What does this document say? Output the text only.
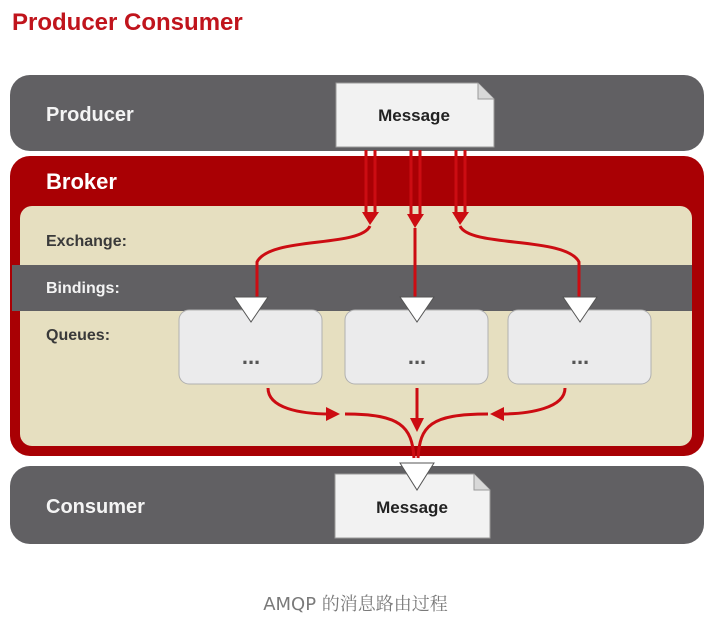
Producer Consumer
Producer
Broker
Exchange:
Bindings:
Queues:
...	...	...
Consumer
Message
Message
AMQP 的消息路由过程
